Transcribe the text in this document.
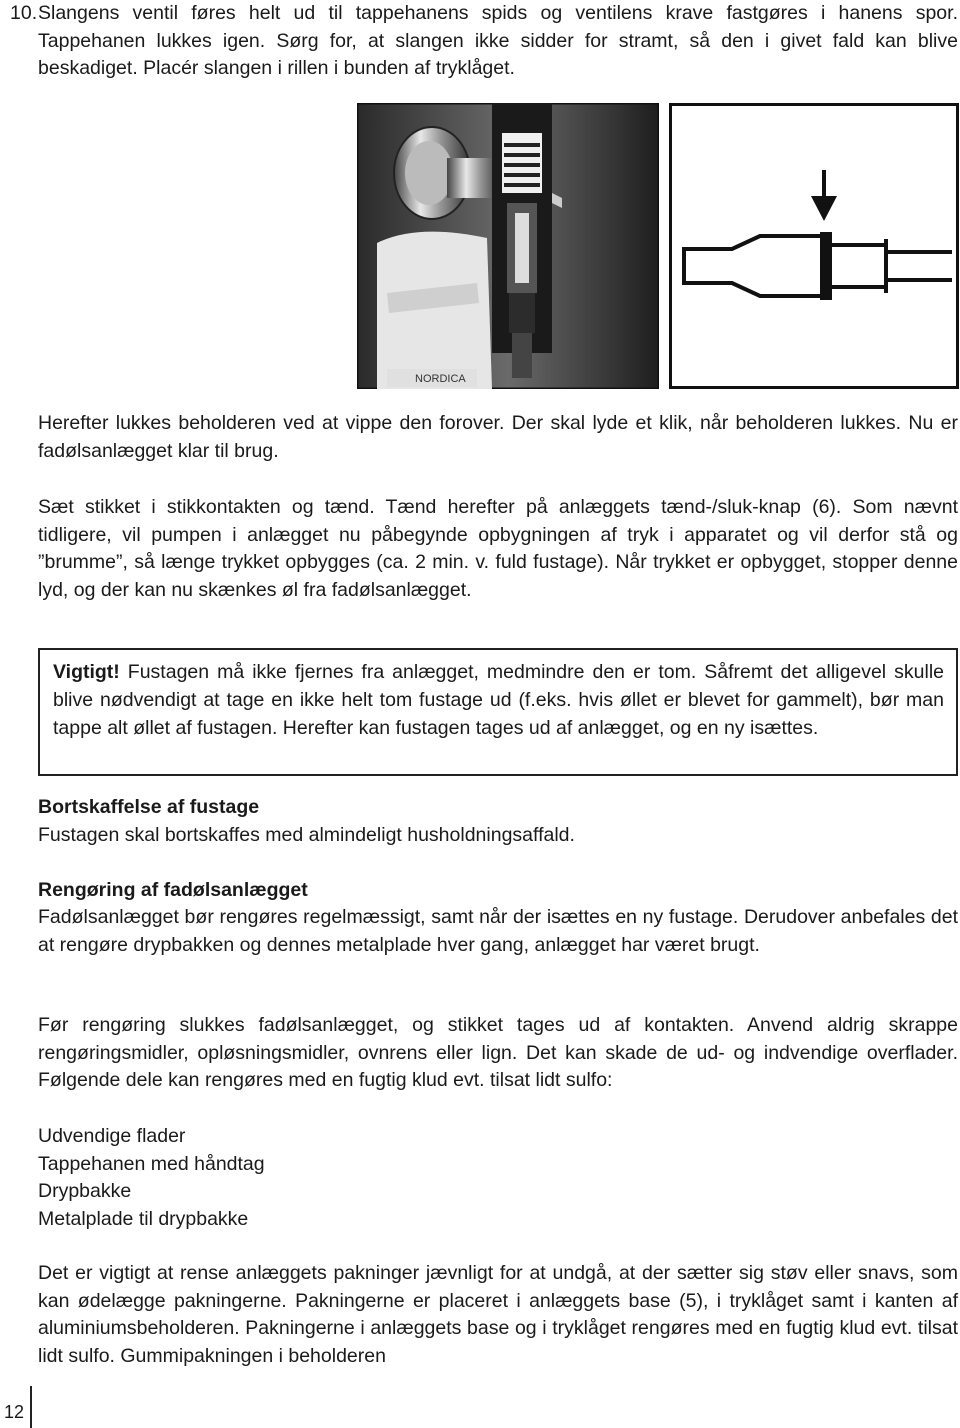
10. Slangens ventil føres helt ud til tappehanens spids og ventilens krave fastgøres i hanens spor. Tappehanen lukkes igen. Sørg for, at slangen ikke sidder for stramt, så den i givet fald kan blive beskadiget. Placér slangen i rillen i bunden af tryklåget.
NORDICA

Herefter lukkes beholderen ved at vippe den forover. Der skal lyde et klik, når beholderen lukkes. Nu er fadølsanlægget klar til brug.

Sæt stikket i stikkontakten og tænd. Tænd herefter på anlæggets tænd-/sluk-knap (6). Som nævnt tidligere, vil pumpen i anlægget nu påbegynde opbygningen af tryk i apparatet og vil derfor stå og ”brumme”, så længe trykket opbygges (ca. 2 min. v. fuld fustage). Når trykket er opbygget, stopper denne lyd, og der kan nu skænkes øl fra fadølsanlægget.

Vigtigt! Fustagen må ikke fjernes fra anlægget, medmindre den er tom. Såfremt det alligevel skulle blive nødvendigt at tage en ikke helt tom fustage ud (f.eks. hvis øllet er blevet for gammelt), bør man tappe alt øllet af fustagen. Herefter kan fustagen tages ud af anlægget, og en ny isættes.
Bortskaffelse af fustage

Fustagen skal bortskaffes med almindeligt husholdningsaffald.

Rengøring af fadølsanlægget

Fadølsanlægget bør rengøres regelmæssigt, samt når der isættes en ny fustage. Derudover anbefales det at rengøre drypbakken og dennes metalplade hver gang, anlægget har været brugt.

Før rengøring slukkes fadølsanlægget, og stikket tages ud af kontakten. Anvend aldrig skrappe rengøringsmidler, opløsningsmidler, ovnrens eller lign. Det kan skade de ud- og indvendige overflader. Følgende dele kan rengøres med en fugtig klud evt. tilsat lidt sulfo:

Udvendige flader
Tappehanen med håndtag
Drypbakke
Metalplade til drypbakke

Det er vigtigt at rense anlæggets pakninger jævnligt for at undgå, at der sætter sig støv eller snavs, som kan ødelægge pakningerne. Pakningerne er placeret i anlæggets base (5), i tryklåget samt i kanten af aluminiumsbeholderen. Pakningerne i anlæggets base og i tryklåget rengøres med en fugtig klud evt. tilsat lidt sulfo. Gummipakningen i beholderen

12
